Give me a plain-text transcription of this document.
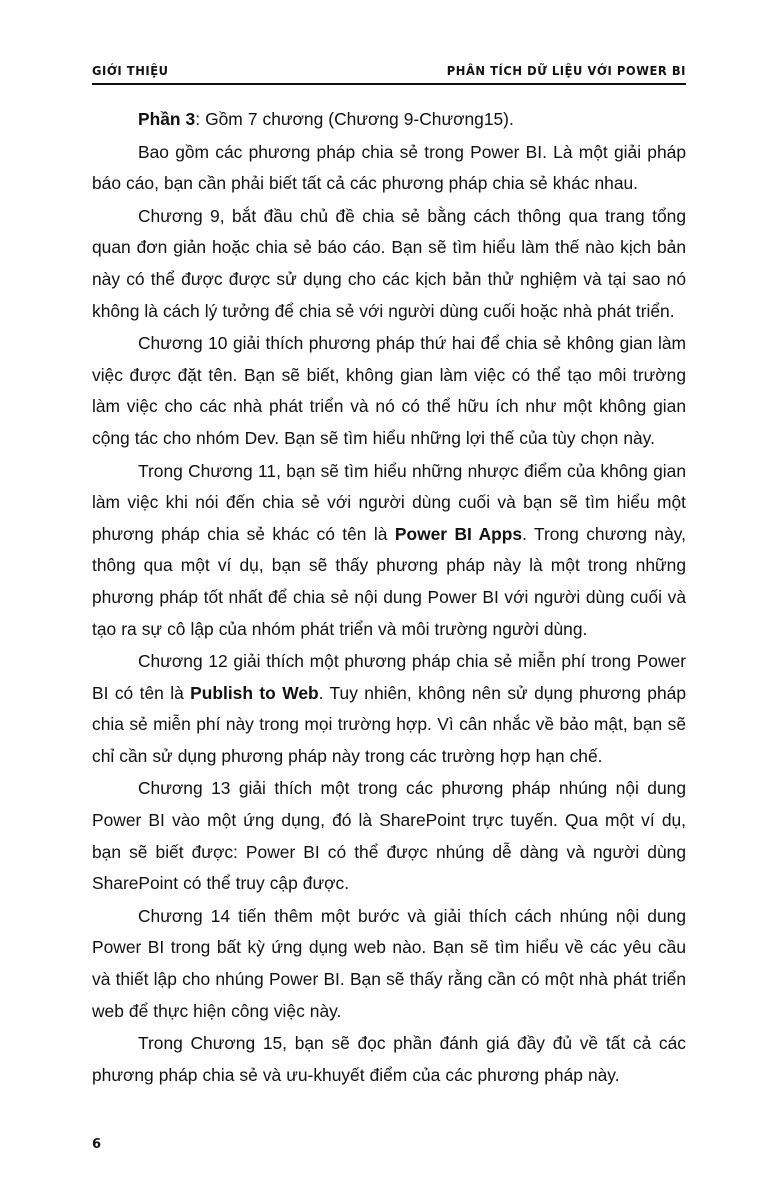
GIỚI THIỆU	PHÂN TÍCH DỮ LIỆU VỚI POWER BI

Phần 3: Gồm 7 chương (Chương 9-Chương15).

Bao gồm các phương pháp chia sẻ trong Power BI. Là một giải pháp báo cáo, bạn cần phải biết tất cả các phương pháp chia sẻ khác nhau.

Chương 9, bắt đầu chủ đề chia sẻ bằng cách thông qua trang tổng quan đơn giản hoặc chia sẻ báo cáo. Bạn sẽ tìm hiểu làm thế nào kịch bản này có thể được được sử dụng cho các kịch bản thử nghiệm và tại sao nó không là cách lý tưởng để chia sẻ với người dùng cuối hoặc nhà phát triển.

Chương 10 giải thích phương pháp thứ hai để chia sẻ không gian làm việc được đặt tên. Bạn sẽ biết, không gian làm việc có thể tạo môi trường làm việc cho các nhà phát triển và nó có thể hữu ích như một không gian cộng tác cho nhóm Dev. Bạn sẽ tìm hiểu những lợi thế của tùy chọn này.

Trong Chương 11, bạn sẽ tìm hiểu những nhược điểm của không gian làm việc khi nói đến chia sẻ với người dùng cuối và bạn sẽ tìm hiểu một phương pháp chia sẻ khác có tên là Power BI Apps. Trong chương này, thông qua một ví dụ, bạn sẽ thấy phương pháp này là một trong những phương pháp tốt nhất để chia sẻ nội dung Power BI với người dùng cuối và tạo ra sự cô lập của nhóm phát triển và môi trường người dùng.

Chương 12 giải thích một phương pháp chia sẻ miễn phí trong Power BI có tên là Publish to Web. Tuy nhiên, không nên sử dụng phương pháp chia sẻ miễn phí này trong mọi trường hợp. Vì cân nhắc về bảo mật, bạn sẽ chỉ cần sử dụng phương pháp này trong các trường hợp hạn chế.

Chương 13 giải thích một trong các phương pháp nhúng nội dung Power BI vào một ứng dụng, đó là SharePoint trực tuyến. Qua một ví dụ, bạn sẽ biết được: Power BI có thể được nhúng dễ dàng và người dùng SharePoint có thể truy cập được.

Chương 14 tiến thêm một bước và giải thích cách nhúng nội dung Power BI trong bất kỳ ứng dụng web nào. Bạn sẽ tìm hiểu về các yêu cầu và thiết lập cho nhúng Power BI. Bạn sẽ thấy rằng cần có một nhà phát triển web để thực hiện công việc này.

Trong Chương 15, bạn sẽ đọc phần đánh giá đầy đủ về tất cả các phương pháp chia sẻ và ưu-khuyết điểm của các phương pháp này.

6
